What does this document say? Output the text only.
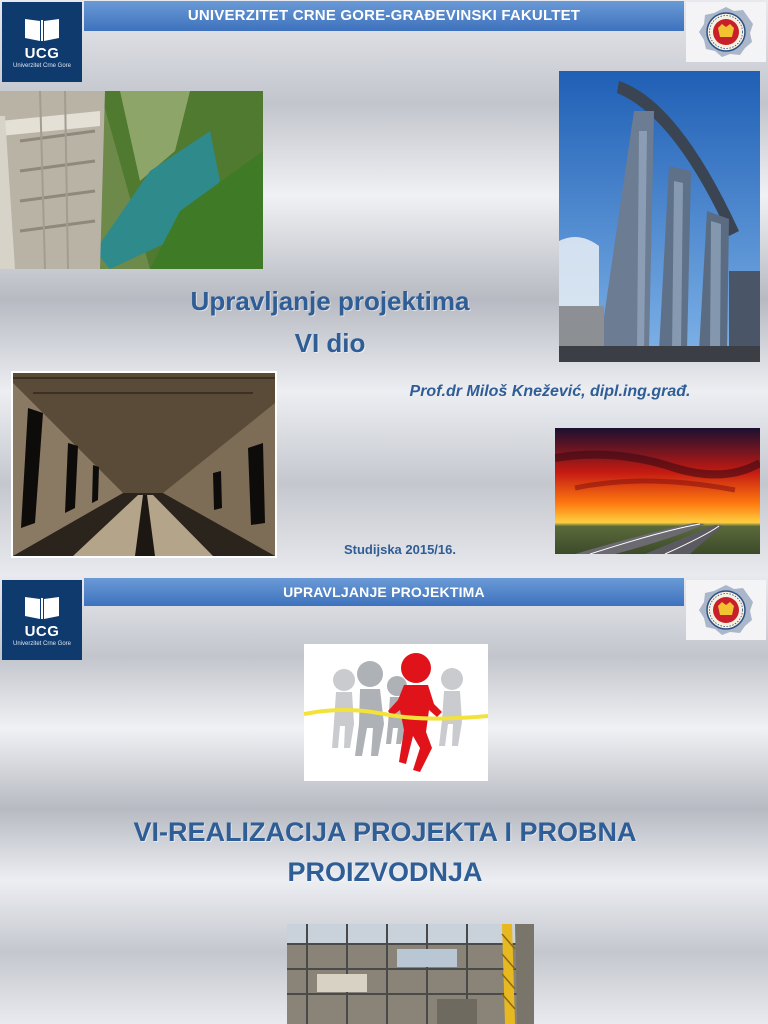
UCG
Univerzitet Crne Gore
UNIVERZITET CRNE GORE-GRAĐEVINSKI FAKULTET
Upravljanje projektima
VI dio
Prof.dr Miloš Knežević, dipl.ing.građ.
Studijska 2015/16.
UCG
Univerzitet Crne Gore
UPRAVLJANJE PROJEKTIMA
VI-REALIZACIJA PROJEKTA I PROBNA
PROIZVODNJA
